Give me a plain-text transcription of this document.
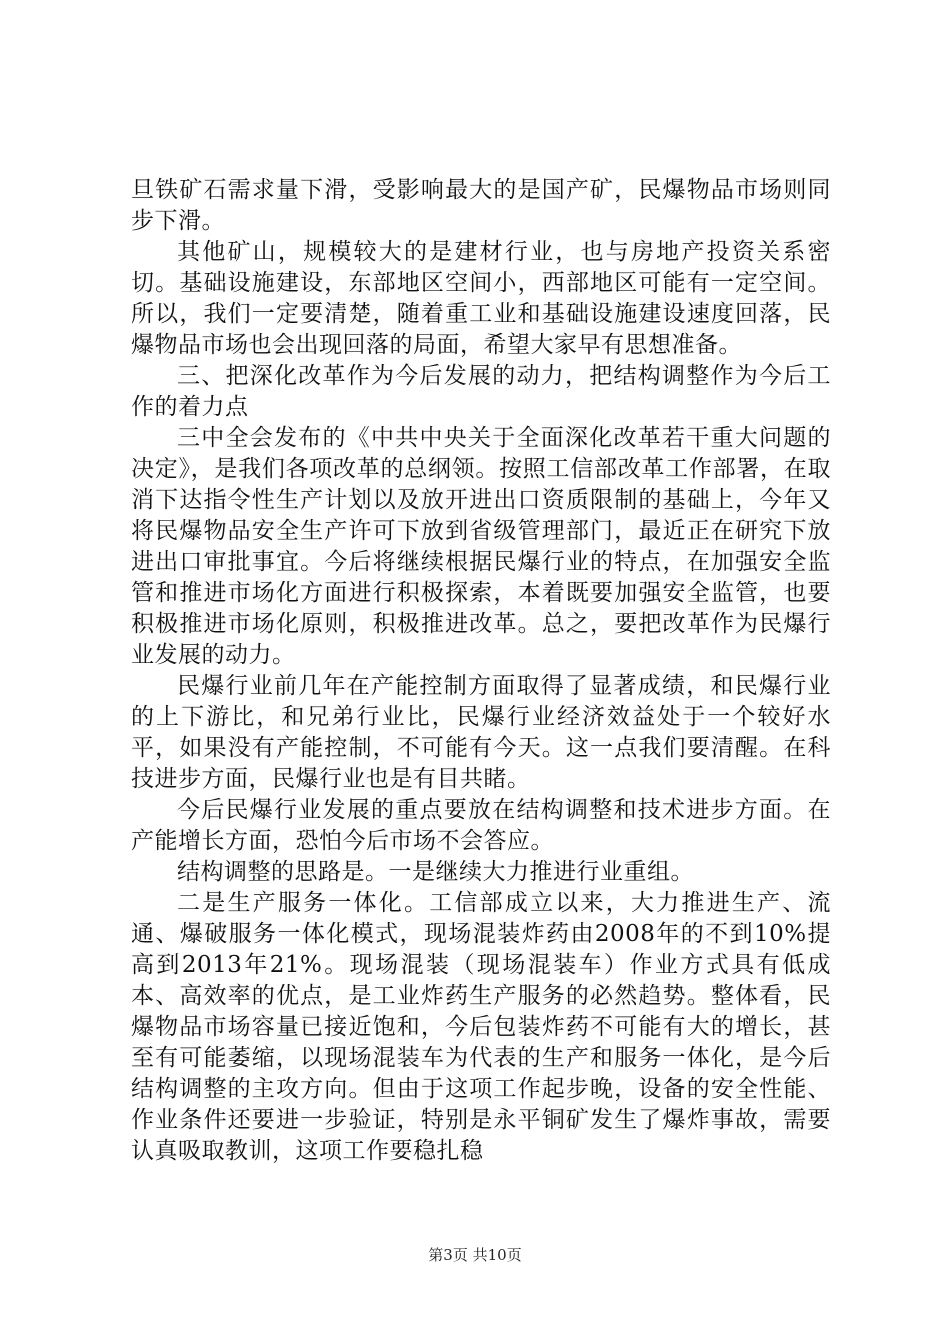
旦铁矿石需求量下滑，受影响最大的是国产矿，民爆物品市场则同步下滑。

其他矿山，规模较大的是建材行业，也与房地产投资关系密切。基础设施建设，东部地区空间小，西部地区可能有一定空间。所以，我们一定要清楚，随着重工业和基础设施建设速度回落，民爆物品市场也会出现回落的局面，希望大家早有思想准备。

三、把深化改革作为今后发展的动力，把结构调整作为今后工作的着力点

三中全会发布的《中共中央关于全面深化改革若干重大问题的决定》，是我们各项改革的总纲领。按照工信部改革工作部署，在取消下达指令性生产计划以及放开进出口资质限制的基础上，今年又将民爆物品安全生产许可下放到省级管理部门，最近正在研究下放进出口审批事宜。今后将继续根据民爆行业的特点，在加强安全监管和推进市场化方面进行积极探索，本着既要加强安全监管，也要积极推进市场化原则，积极推进改革。总之，要把改革作为民爆行业发展的动力。

民爆行业前几年在产能控制方面取得了显著成绩，和民爆行业的上下游比，和兄弟行业比，民爆行业经济效益处于一个较好水平，如果没有产能控制，不可能有今天。这一点我们要清醒。在科技进步方面，民爆行业也是有目共睹。

今后民爆行业发展的重点要放在结构调整和技术进步方面。在产能增长方面，恐怕今后市场不会答应。

结构调整的思路是。一是继续大力推进行业重组。

二是生产服务一体化。工信部成立以来，大力推进生产、流通、爆破服务一体化模式，现场混装炸药由2008年的不到10%提高到2013年21%。现场混装（现场混装车）作业方式具有低成本、高效率的优点，是工业炸药生产服务的必然趋势。整体看，民爆物品市场容量已接近饱和，今后包装炸药不可能有大的增长，甚至有可能萎缩，以现场混装车为代表的生产和服务一体化，是今后结构调整的主攻方向。但由于这项工作起步晚，设备的安全性能、作业条件还要进一步验证，特别是永平铜矿发生了爆炸事故，需要认真吸取教训，这项工作要稳扎稳

第3页 共10页
